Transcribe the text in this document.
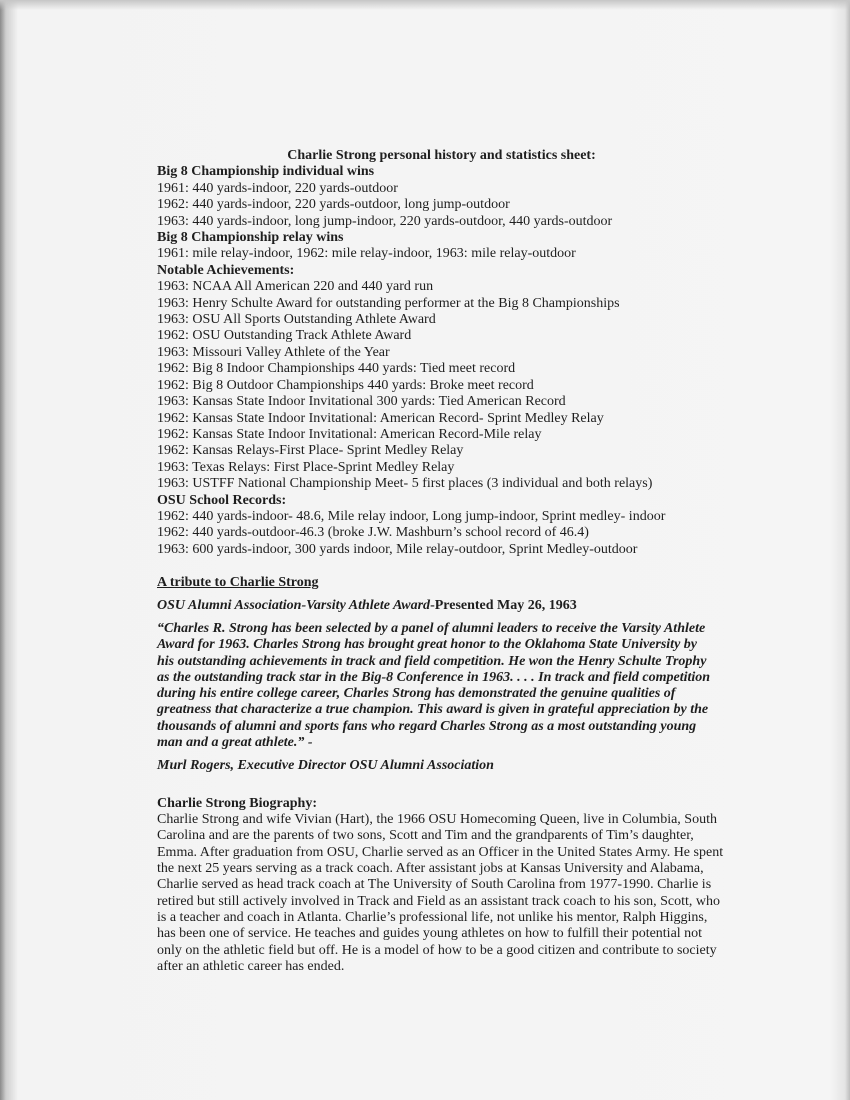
Charlie Strong personal history and statistics sheet:
Big 8 Championship individual wins
1961: 440 yards-indoor, 220 yards-outdoor
1962: 440 yards-indoor, 220 yards-outdoor, long jump-outdoor
1963: 440 yards-indoor, long jump-indoor, 220 yards-outdoor, 440 yards-outdoor
Big 8 Championship relay wins
1961: mile relay-indoor, 1962: mile relay-indoor, 1963: mile relay-outdoor
Notable Achievements:
1963: NCAA All American 220 and 440 yard run
1963: Henry Schulte Award for outstanding performer at the Big 8 Championships
1963: OSU All Sports Outstanding Athlete Award
1962: OSU Outstanding Track Athlete Award
1963: Missouri Valley Athlete of the Year
1962: Big 8 Indoor Championships 440 yards: Tied meet record
1962: Big 8 Outdoor Championships 440 yards: Broke meet record
1963: Kansas State Indoor Invitational 300 yards: Tied American Record
1962: Kansas State Indoor Invitational: American Record- Sprint Medley Relay
1962: Kansas State Indoor Invitational: American Record-Mile relay
1962: Kansas Relays-First Place- Sprint Medley Relay
1963: Texas Relays: First Place-Sprint Medley Relay
1963: USTFF National Championship Meet- 5 first places (3 individual and both relays)
OSU School Records:
1962: 440 yards-indoor- 48.6, Mile relay indoor, Long jump-indoor, Sprint medley- indoor
1962: 440 yards-outdoor-46.3 (broke J.W. Mashburn’s school record of 46.4)
1963: 600 yards-indoor, 300 yards indoor, Mile relay-outdoor, Sprint Medley-outdoor
A tribute to Charlie Strong
OSU Alumni Association-Varsity Athlete Award-Presented May 26, 1963
“Charles R. Strong has been selected by a panel of alumni leaders to receive the Varsity Athlete Award for 1963. Charles Strong has brought great honor to the Oklahoma State University by his outstanding achievements in track and field competition. He won the Henry Schulte Trophy as the outstanding track star in the Big-8 Conference in 1963. . . . In track and field competition during his entire college career, Charles Strong has demonstrated the genuine qualities of greatness that characterize a true champion. This award is given in grateful appreciation by the thousands of alumni and sports fans who regard Charles Strong as a most outstanding young man and a great athlete.” -
Murl Rogers, Executive Director OSU Alumni Association
Charlie Strong Biography:
Charlie Strong and wife Vivian (Hart), the 1966 OSU Homecoming Queen, live in Columbia, South Carolina and are the parents of two sons, Scott and Tim and the grandparents of Tim’s daughter, Emma. After graduation from OSU, Charlie served as an Officer in the United States Army. He spent the next 25 years serving as a track coach. After assistant jobs at Kansas University and Alabama, Charlie served as head track coach at The University of South Carolina from 1977-1990. Charlie is retired but still actively involved in Track and Field as an assistant track coach to his son, Scott, who is a teacher and coach in Atlanta. Charlie’s professional life, not unlike his mentor, Ralph Higgins, has been one of service. He teaches and guides young athletes on how to fulfill their potential not only on the athletic field but off. He is a model of how to be a good citizen and contribute to society after an athletic career has ended.
